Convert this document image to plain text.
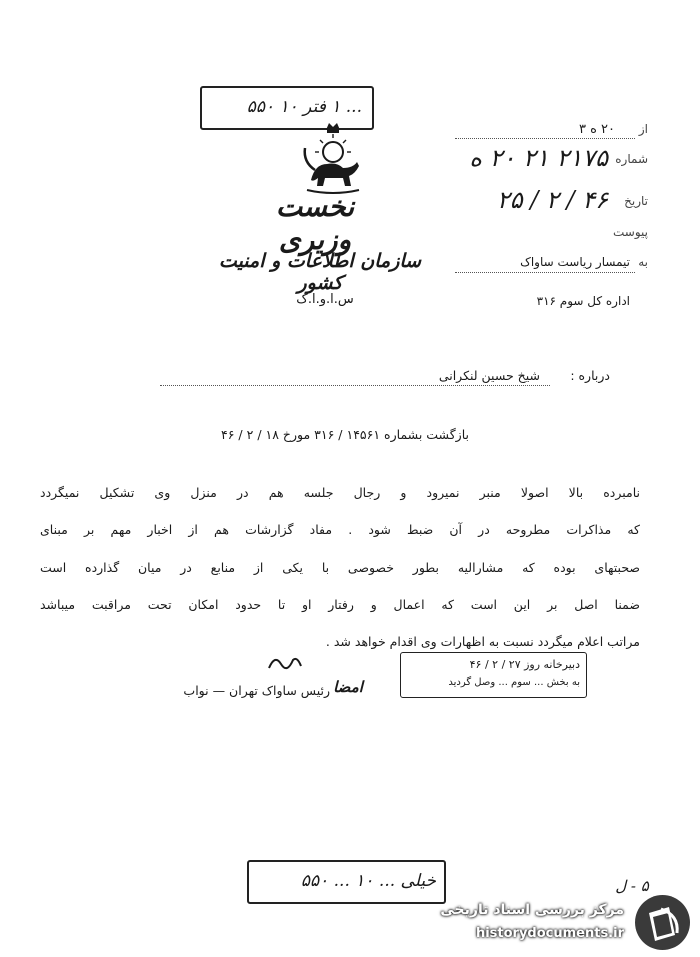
... ۱ فتر ۱۰ ۵۵۰
نخست وزیری
سازمان اطلاعات و امنیت کشور
س.ا.و.ا.ک
از
۲۰ ه ۳
شماره
۲۱۷۵ ۲۱ ۲۰ ه
تاریخ
۲۵ / ۲ / ۴۶
پیوست
به
تیمسار ریاست ساواک
اداره کل سوم ۳۱۶
درباره :
شیخ حسین لنکرانی
بازگشت بشماره ۱۴۵۶۱ / ۳۱۶ مورخ ۱۸ / ۲ / ۴۶
نامبرده بالا اصولا منبر نمیرود و رجال جلسه هم در منزل وی تشکیل نمیگردد
که مذاکرات مطروحه در آن ضبط شود . مفاد گزارشات هم از اخبار مهم بر مبنای
صحبتهای بوده که مشارالیه بطور خصوصی با یکی از منابع در میان گذارده است
ضمنا اصل بر این است که اعمال و رفتار او تا حدود امکان تحت مراقبت میباشد
مراتب اعلام میگردد نسبت به اظهارات وی اقدام خواهد شد .
دبیرخانه روز ۲۷ / ۲ / ۴۶
به بخش ... سوم ... وصل گردید
امضا
رئیس ساواک تهران — نواب
خیلی ... ۱۰ ... ۵۵۰	۵ - ل
مرکز بررسی اسناد تاریخی
historydocuments.ir
